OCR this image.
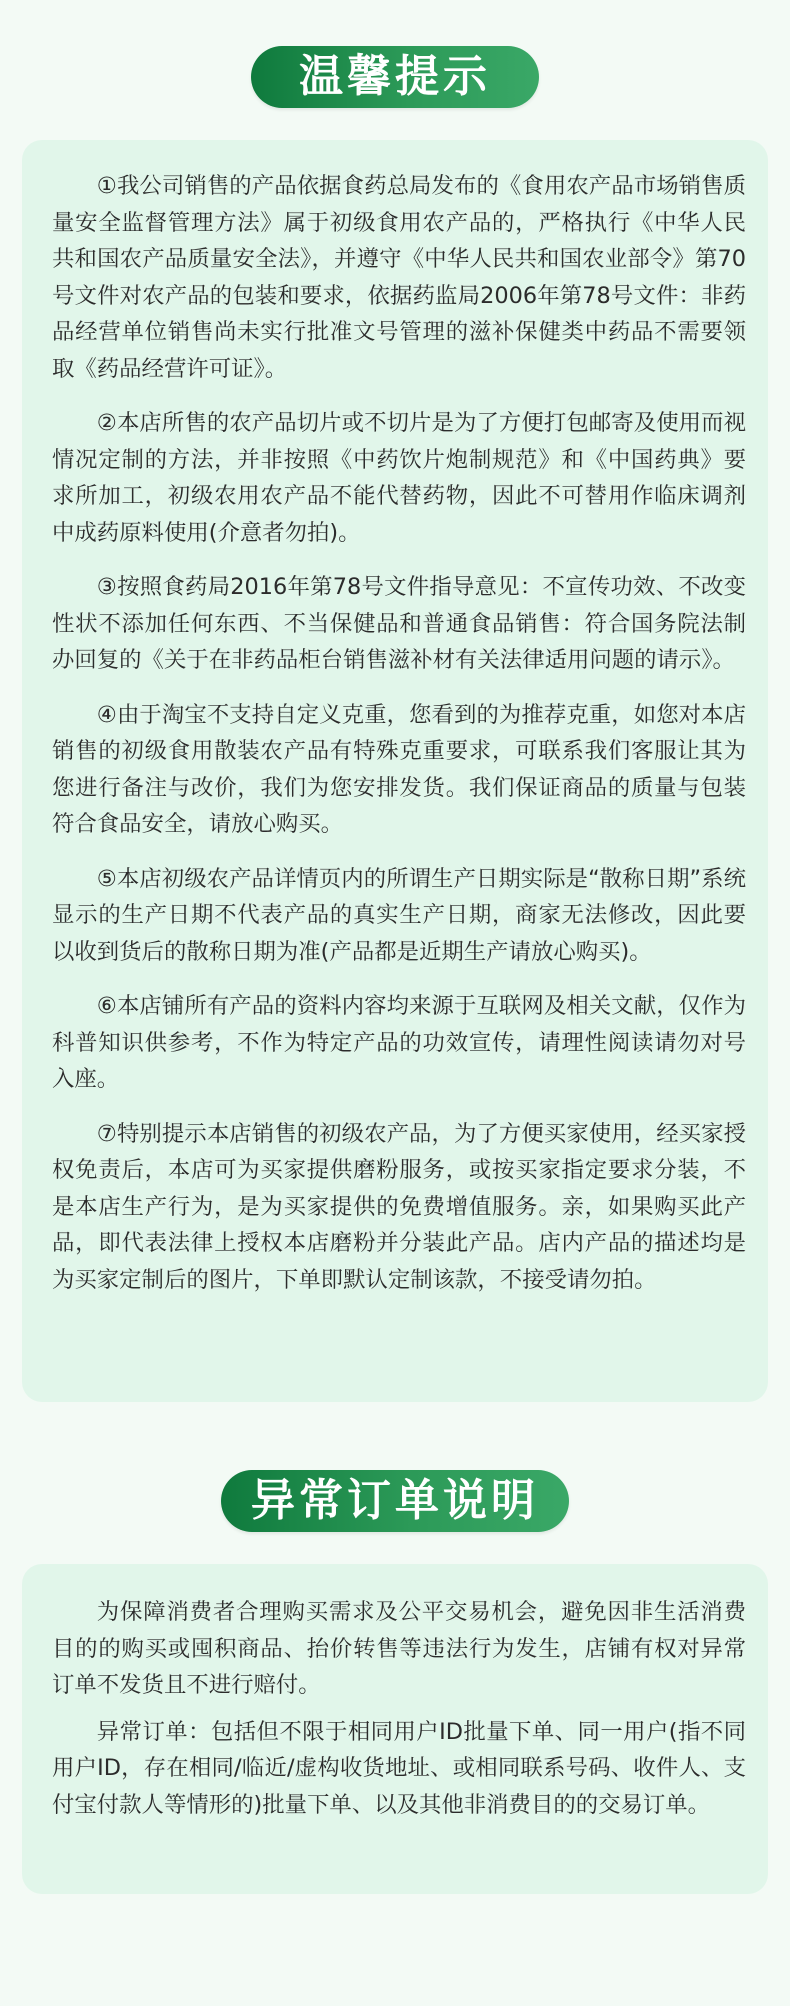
温馨提示

①我公司销售的产品依据食药总局发布的《食用农产品市场销售质量安全监督管理方法》属于初级食用农产品的，严格执行《中华人民共和国农产品质量安全法》，并遵守《中华人民共和国农业部令》第70号文件对农产品的包装和要求，依据药监局2006年第78号文件：非药品经营单位销售尚未实行批准文号管理的滋补保健类中药品不需要领取《药品经营许可证》。

②本店所售的农产品切片或不切片是为了方便打包邮寄及使用而视情况定制的方法，并非按照《中药饮片炮制规范》和《中国药典》要求所加工，初级农用农产品不能代替药物，因此不可替用作临床调剂中成药原料使用(介意者勿拍)。

③按照食药局2016年第78号文件指导意见：不宣传功效、不改变性状不添加任何东西、不当保健品和普通食品销售：符合国务院法制办回复的《关于在非药品柜台销售滋补材有关法律适用问题的请示》。

④由于淘宝不支持自定义克重，您看到的为推荐克重，如您对本店销售的初级食用散装农产品有特殊克重要求，可联系我们客服让其为您进行备注与改价，我们为您安排发货。我们保证商品的质量与包装符合食品安全，请放心购买。

⑤本店初级农产品详情页内的所谓生产日期实际是“散称日期”系统显示的生产日期不代表产品的真实生产日期，商家无法修改，因此要以收到货后的散称日期为准(产品都是近期生产请放心购买)。

⑥本店铺所有产品的资料内容均来源于互联网及相关文献，仅作为科普知识供参考，不作为特定产品的功效宣传，请理性阅读请勿对号入座。

⑦特别提示本店销售的初级农产品，为了方便买家使用，经买家授权免责后，本店可为买家提供磨粉服务，或按买家指定要求分装，不是本店生产行为，是为买家提供的免费增值服务。亲，如果购买此产品，即代表法律上授权本店磨粉并分装此产品。店内产品的描述均是为买家定制后的图片，下单即默认定制该款，不接受请勿拍。

异常订单说明

为保障消费者合理购买需求及公平交易机会，避免因非生活消费目的的购买或囤积商品、抬价转售等违法行为发生，店铺有权对异常订单不发货且不进行赔付。

异常订单：包括但不限于相同用户ID批量下单、同一用户(指不同用户ID，存在相同/临近/虚构收货地址、或相同联系号码、收件人、支付宝付款人等情形的)批量下单、以及其他非消费目的的交易订单。
